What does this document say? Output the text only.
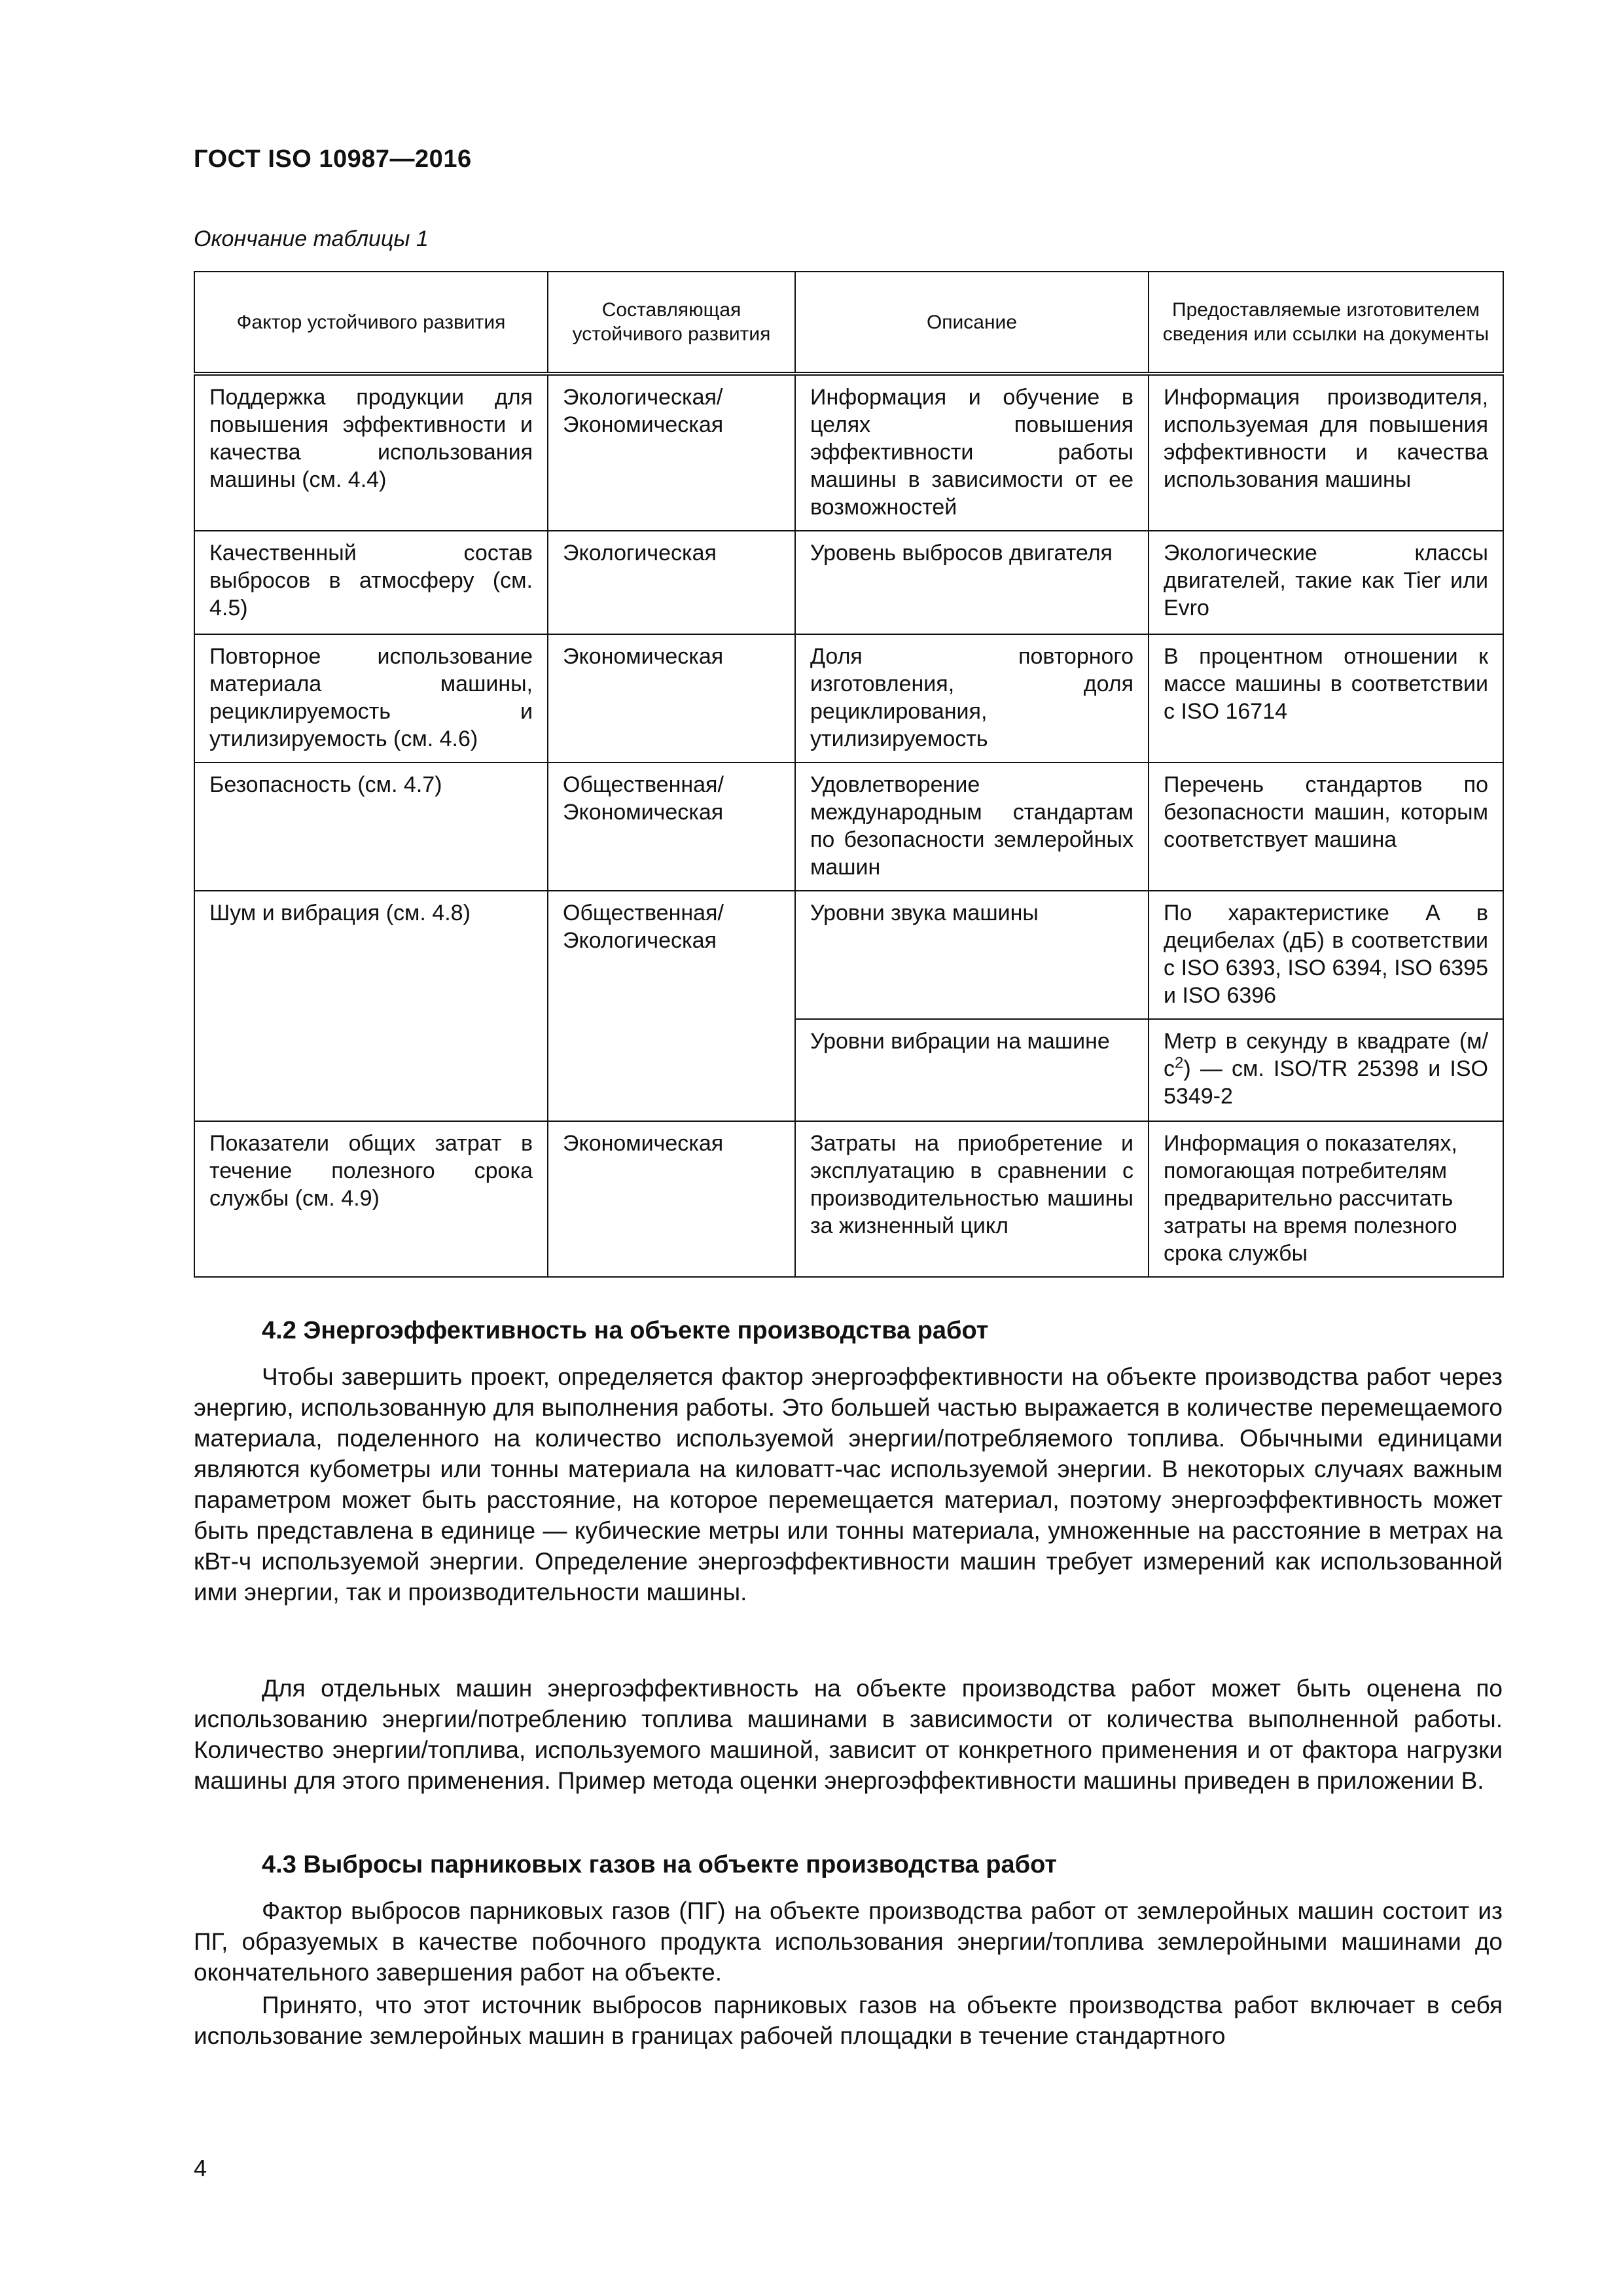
ГОСТ ISO 10987—2016
Окончание таблицы 1
Фактор устойчивого развития	Составляющая устойчивого развития	Описание	Предоставляемые изготовителем сведения или ссылки на документы
Поддержка продукции для повышения эффективности и качества использования машины (см. 4.4)	Экологическая/ Экономическая	Информация и обучение в целях повышения эффективности работы машины в зависимости от ее возможностей	Информация производителя, используемая для повышения эффективности и качества использования машины
Качественный состав выбросов в атмосферу (см. 4.5)	Экологическая	Уровень выбросов двигателя	Экологические классы двигателей, такие как Tier или Evro
Повторное использование материала машины, рециклируемость и утилизируемость (см. 4.6)	Экономическая	Доля повторного изготовления, доля рециклирования, утилизируемость	В процентном отношении к массе машины в соответствии с ISO 16714
Безопасность (см. 4.7)	Общественная/ Экономическая	Удовлетворение международным стандартам по безопасности землеройных машин	Перечень стандартов по безопасности машин, которым соответствует машина
Шум и вибрация (см. 4.8)	Общественная/ Экологическая	Уровни звука машины	По характеристике А в децибелах (дБ) в соответствии с ISO 6393, ISO 6394, ISO 6395 и ISO 6396
		Уровни вибрации на машине	Метр в секунду в квадрате $(м/с^2)$ — см. ISO/TR 25398 и ISO 5349-2
Показатели общих затрат в течение полезного срока службы (см. 4.9)	Экономическая	Затраты на приобретение и эксплуатацию в сравнении с производительностью машины за жизненный цикл	Информация о показателях, помогающая потребителям предварительно рассчитать затраты на время полезного срока службы
4.2 Энергоэффективность на объекте производства работ

Чтобы завершить проект, определяется фактор энергоэффективности на объекте производства работ через энергию, использованную для выполнения работы. Это большей частью выражается в количестве перемещаемого материала, поделенного на количество используемой энергии/потребляемого топлива. Обычными единицами являются кубометры или тонны материала на киловатт-час используемой энергии. В некоторых случаях важным параметром может быть расстояние, на которое перемещается материал, поэтому энергоэффективность может быть представлена в единице — кубические метры или тонны материала, умноженные на расстояние в метрах на кВт-ч используемой энергии. Определение энергоэффективности машин требует измерений как использованной ими энергии, так и производительности машины.

Для отдельных машин энергоэффективность на объекте производства работ может быть оценена по использованию энергии/потреблению топлива машинами в зависимости от количества выполненной работы. Количество энергии/топлива, используемого машиной, зависит от конкретного применения и от фактора нагрузки машины для этого применения. Пример метода оценки энергоэффективности машины приведен в приложении В.

4.3 Выбросы парниковых газов на объекте производства работ

Фактор выбросов парниковых газов (ПГ) на объекте производства работ от землеройных машин состоит из ПГ, образуемых в качестве побочного продукта использования энергии/топлива землеройными машинами до окончательного завершения работ на объекте.

Принято, что этот источник выбросов парниковых газов на объекте производства работ включает в себя использование землеройных машин в границах рабочей площадки в течение стандартного

4
